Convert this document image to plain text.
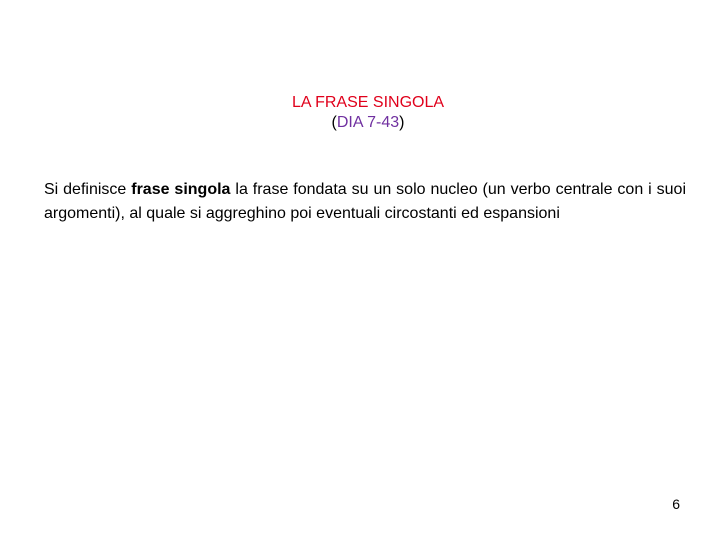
LA FRASE SINGOLA
(DIA 7-43)
Si definisce frase singola la frase fondata su un solo nucleo (un verbo centrale con i suoi argomenti), al quale si aggreghino poi eventuali circostanti ed espansioni
6
